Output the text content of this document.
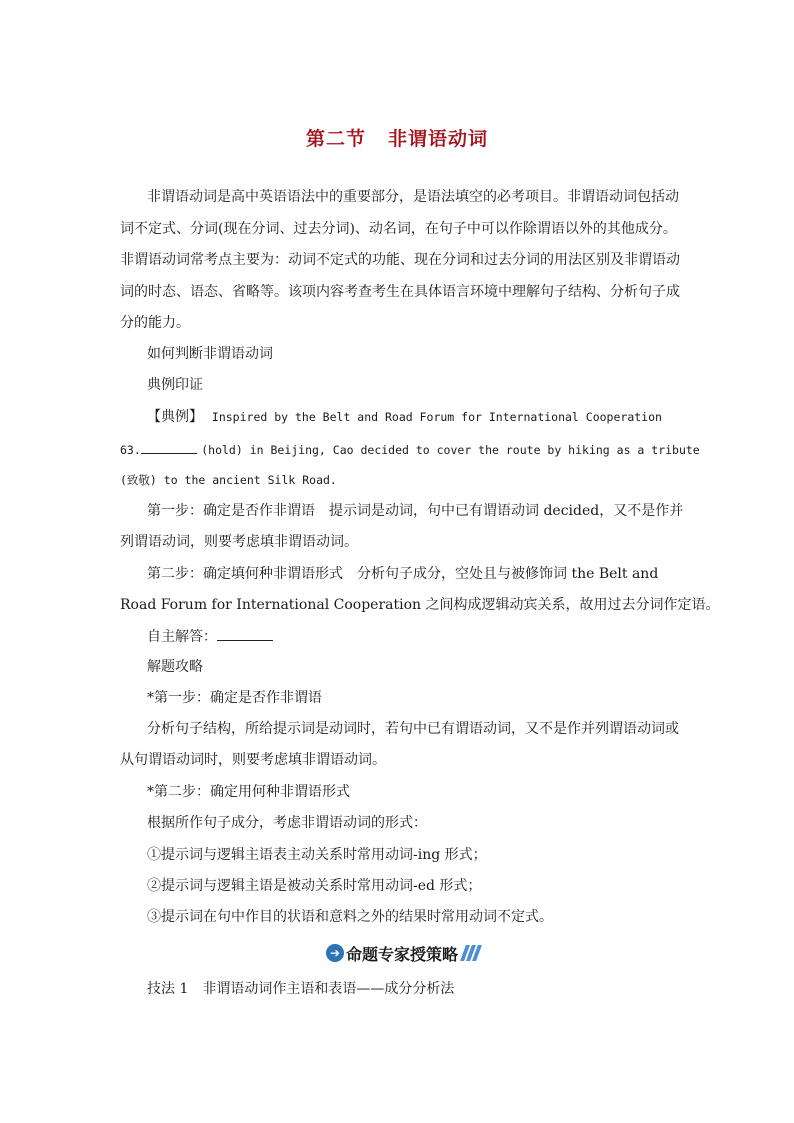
第二节 非谓语动词
非谓语动词是高中英语语法中的重要部分，是语法填空的必考项目。非谓语动词包括动
词不定式、分词(现在分词、过去分词)、动名词，在句子中可以作除谓语以外的其他成分。
非谓语动词常考点主要为：动词不定式的功能、现在分词和过去分词的用法区别及非谓语动
词的时态、语态、省略等。该项内容考查考生在具体语言环境中理解句子结构、分析句子成
分的能力。
如何判断非谓语动词
典例印证
【典例】 Inspired by the Belt and Road Forum for International Cooperation
63.	(hold) in Beijing, Cao decided to cover the route by hiking as a tribute
(致敬) to the ancient Silk Road.
第一步：确定是否作非谓语　提示词是动词，句中已有谓语动词 decided，又不是作并
列谓语动词，则要考虑填非谓语动词。
第二步：确定填何种非谓语形式　分析句子成分，空处且与被修饰词 the Belt and
Road Forum for International Cooperation 之间构成逻辑动宾关系，故用过去分词作定语。
自主解答：
解题攻略
*第一步：确定是否作非谓语
分析句子结构，所给提示词是动词时，若句中已有谓语动词，又不是作并列谓语动词或
从句谓语动词时，则要考虑填非谓语动词。
*第二步：确定用何种非谓语形式
根据所作句子成分，考虑非谓语动词的形式：
①提示词与逻辑主语表主动关系时常用动词-ing 形式；
②提示词与逻辑主语是被动关系时常用动词-ed 形式；
③提示词在句中作目的状语和意料之外的结果时常用动词不定式。
➔ 命题专家授策略
技法 1　非谓语动词作主语和表语——成分分析法
